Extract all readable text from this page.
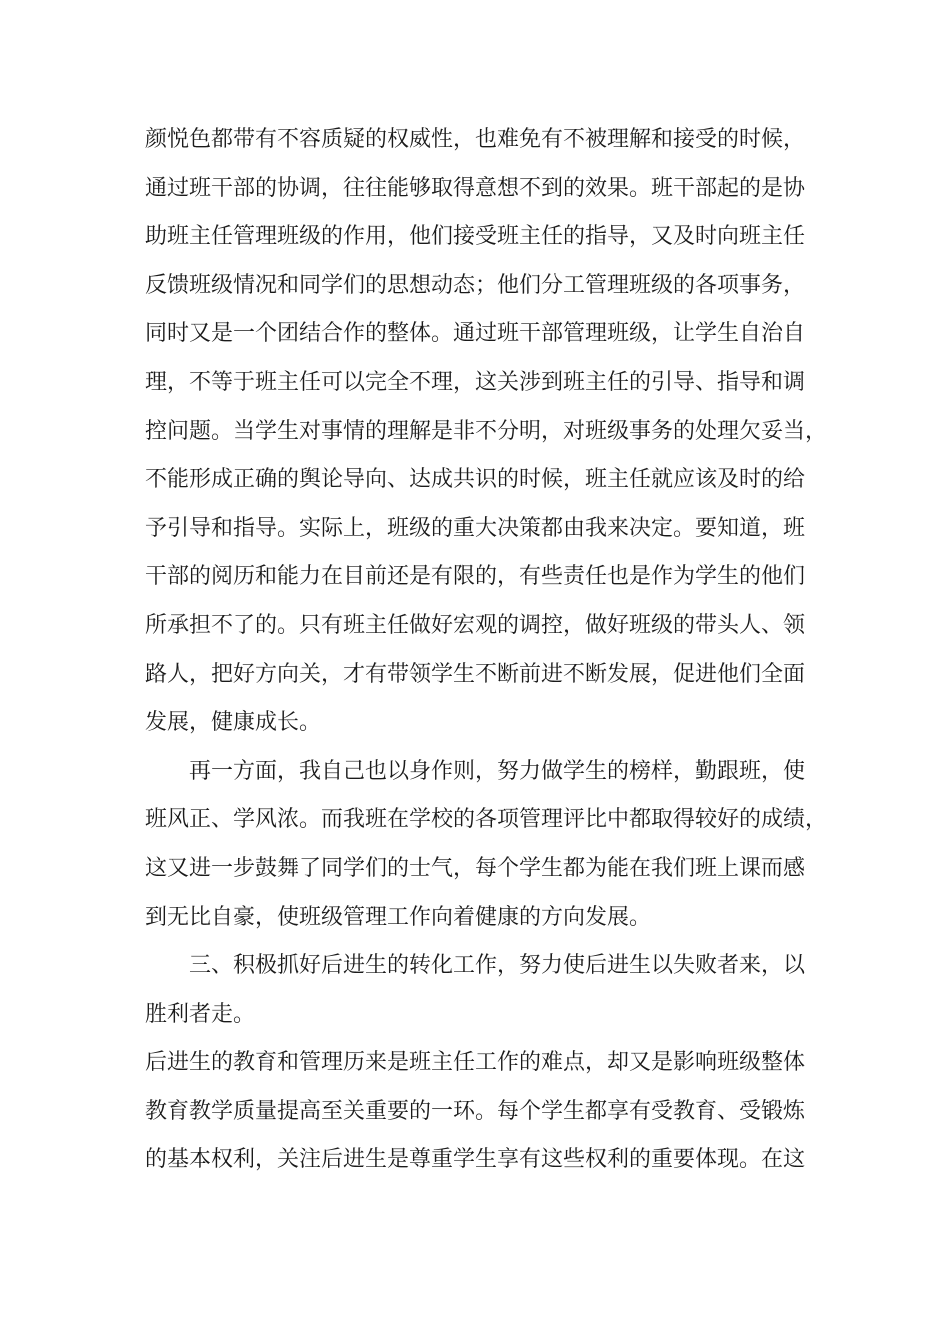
颜悦色都带有不容质疑的权威性，也难免有不被理解和接受的时候，
通过班干部的协调，往往能够取得意想不到的效果。班干部起的是协
助班主任管理班级的作用，他们接受班主任的指导，又及时向班主任
反馈班级情况和同学们的思想动态；他们分工管理班级的各项事务，
同时又是一个团结合作的整体。通过班干部管理班级，让学生自治自
理，不等于班主任可以完全不理，这关涉到班主任的引导、指导和调
控问题。当学生对事情的理解是非不分明，对班级事务的处理欠妥当，
不能形成正确的舆论导向、达成共识的时候，班主任就应该及时的给
予引导和指导。实际上，班级的重大决策都由我来决定。要知道，班
干部的阅历和能力在目前还是有限的，有些责任也是作为学生的他们
所承担不了的。只有班主任做好宏观的调控，做好班级的带头人、领
路人，把好方向关，才有带领学生不断前进不断发展，促进他们全面
发展，健康成长。
再一方面，我自己也以身作则，努力做学生的榜样，勤跟班，使
班风正、学风浓。而我班在学校的各项管理评比中都取得较好的成绩，
这又进一步鼓舞了同学们的士气，每个学生都为能在我们班上课而感
到无比自豪，使班级管理工作向着健康的方向发展。
三、积极抓好后进生的转化工作，努力使后进生以失败者来，以
胜利者走。
后进生的教育和管理历来是班主任工作的难点，却又是影响班级整体
教育教学质量提高至关重要的一环。每个学生都享有受教育、受锻炼
的基本权利，关注后进生是尊重学生享有这些权利的重要体现。在这
